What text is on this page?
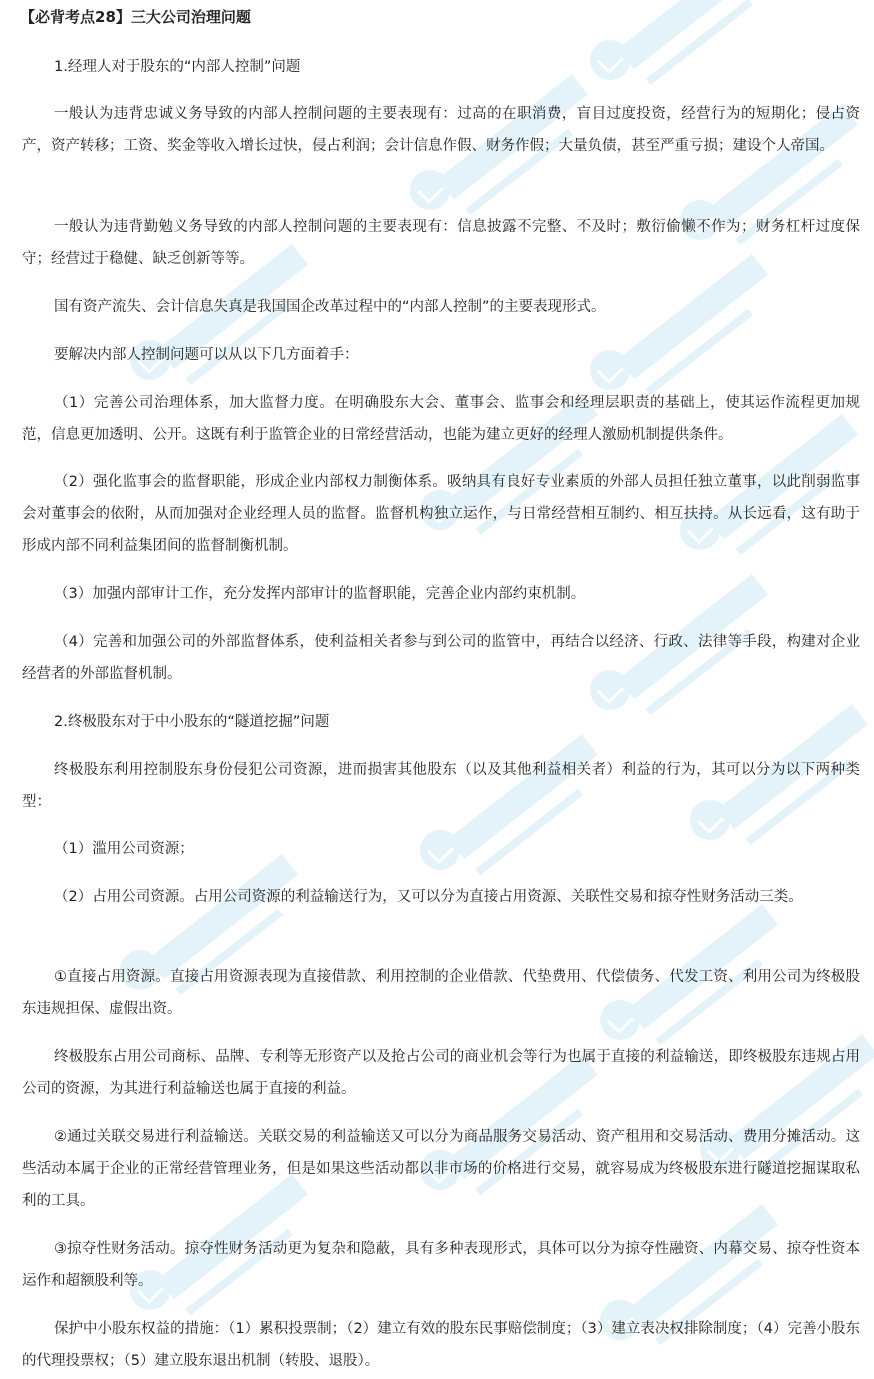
【必背考点28】三大公司治理问题
1.经理人对于股东的“内部人控制”问题

一般认为违背忠诚义务导致的内部人控制问题的主要表现有：过高的在职消费，盲目过度投资，经营行为的短期化；侵占资产，资产转移；工资、奖金等收入增长过快，侵占利润；会计信息作假、财务作假；大量负债，甚至严重亏损；建设个人帝国。

一般认为违背勤勉义务导致的内部人控制问题的主要表现有：信息披露不完整、不及时；敷衍偷懒不作为；财务杠杆过度保守；经营过于稳健、缺乏创新等等。

国有资产流失、会计信息失真是我国国企改革过程中的“内部人控制”的主要表现形式。

要解决内部人控制问题可以从以下几方面着手：

（1）完善公司治理体系，加大监督力度。在明确股东大会、董事会、监事会和经理层职责的基础上，使其运作流程更加规范，信息更加透明、公开。这既有利于监管企业的日常经营活动，也能为建立更好的经理人激励机制提供条件。

（2）强化监事会的监督职能，形成企业内部权力制衡体系。吸纳具有良好专业素质的外部人员担任独立董事，以此削弱监事会对董事会的依附，从而加强对企业经理人员的监督。监督机构独立运作，与日常经营相互制约、相互扶持。从长远看，这有助于形成内部不同利益集团间的监督制衡机制。

（3）加强内部审计工作，充分发挥内部审计的监督职能，完善企业内部约束机制。

（4）完善和加强公司的外部监督体系，使利益相关者参与到公司的监管中，再结合以经济、行政、法律等手段，构建对企业经营者的外部监督机制。

2.终极股东对于中小股东的“隧道挖掘”问题

终极股东利用控制股东身份侵犯公司资源，进而损害其他股东（以及其他利益相关者）利益的行为，其可以分为以下两种类型：

（1）滥用公司资源；

（2）占用公司资源。占用公司资源的利益输送行为，又可以分为直接占用资源、关联性交易和掠夺性财务活动三类。

①直接占用资源。直接占用资源表现为直接借款、利用控制的企业借款、代垫费用、代偿债务、代发工资、利用公司为终极股东违规担保、虚假出资。

终极股东占用公司商标、品牌、专利等无形资产以及抢占公司的商业机会等行为也属于直接的利益输送，即终极股东违规占用公司的资源，为其进行利益输送也属于直接的利益。

②通过关联交易进行利益输送。关联交易的利益输送又可以分为商品服务交易活动、资产租用和交易活动、费用分摊活动。这些活动本属于企业的正常经营管理业务，但是如果这些活动都以非市场的价格进行交易，就容易成为终极股东进行隧道挖掘谋取私利的工具。

③掠夺性财务活动。掠夺性财务活动更为复杂和隐蔽，具有多种表现形式，具体可以分为掠夺性融资、内幕交易、掠夺性资本运作和超额股利等。

保护中小股东权益的措施：（1）累积投票制；（2）建立有效的股东民事赔偿制度；（3）建立表决权排除制度；（4）完善小股东的代理投票权；（5）建立股东退出机制（转股、退股）。
